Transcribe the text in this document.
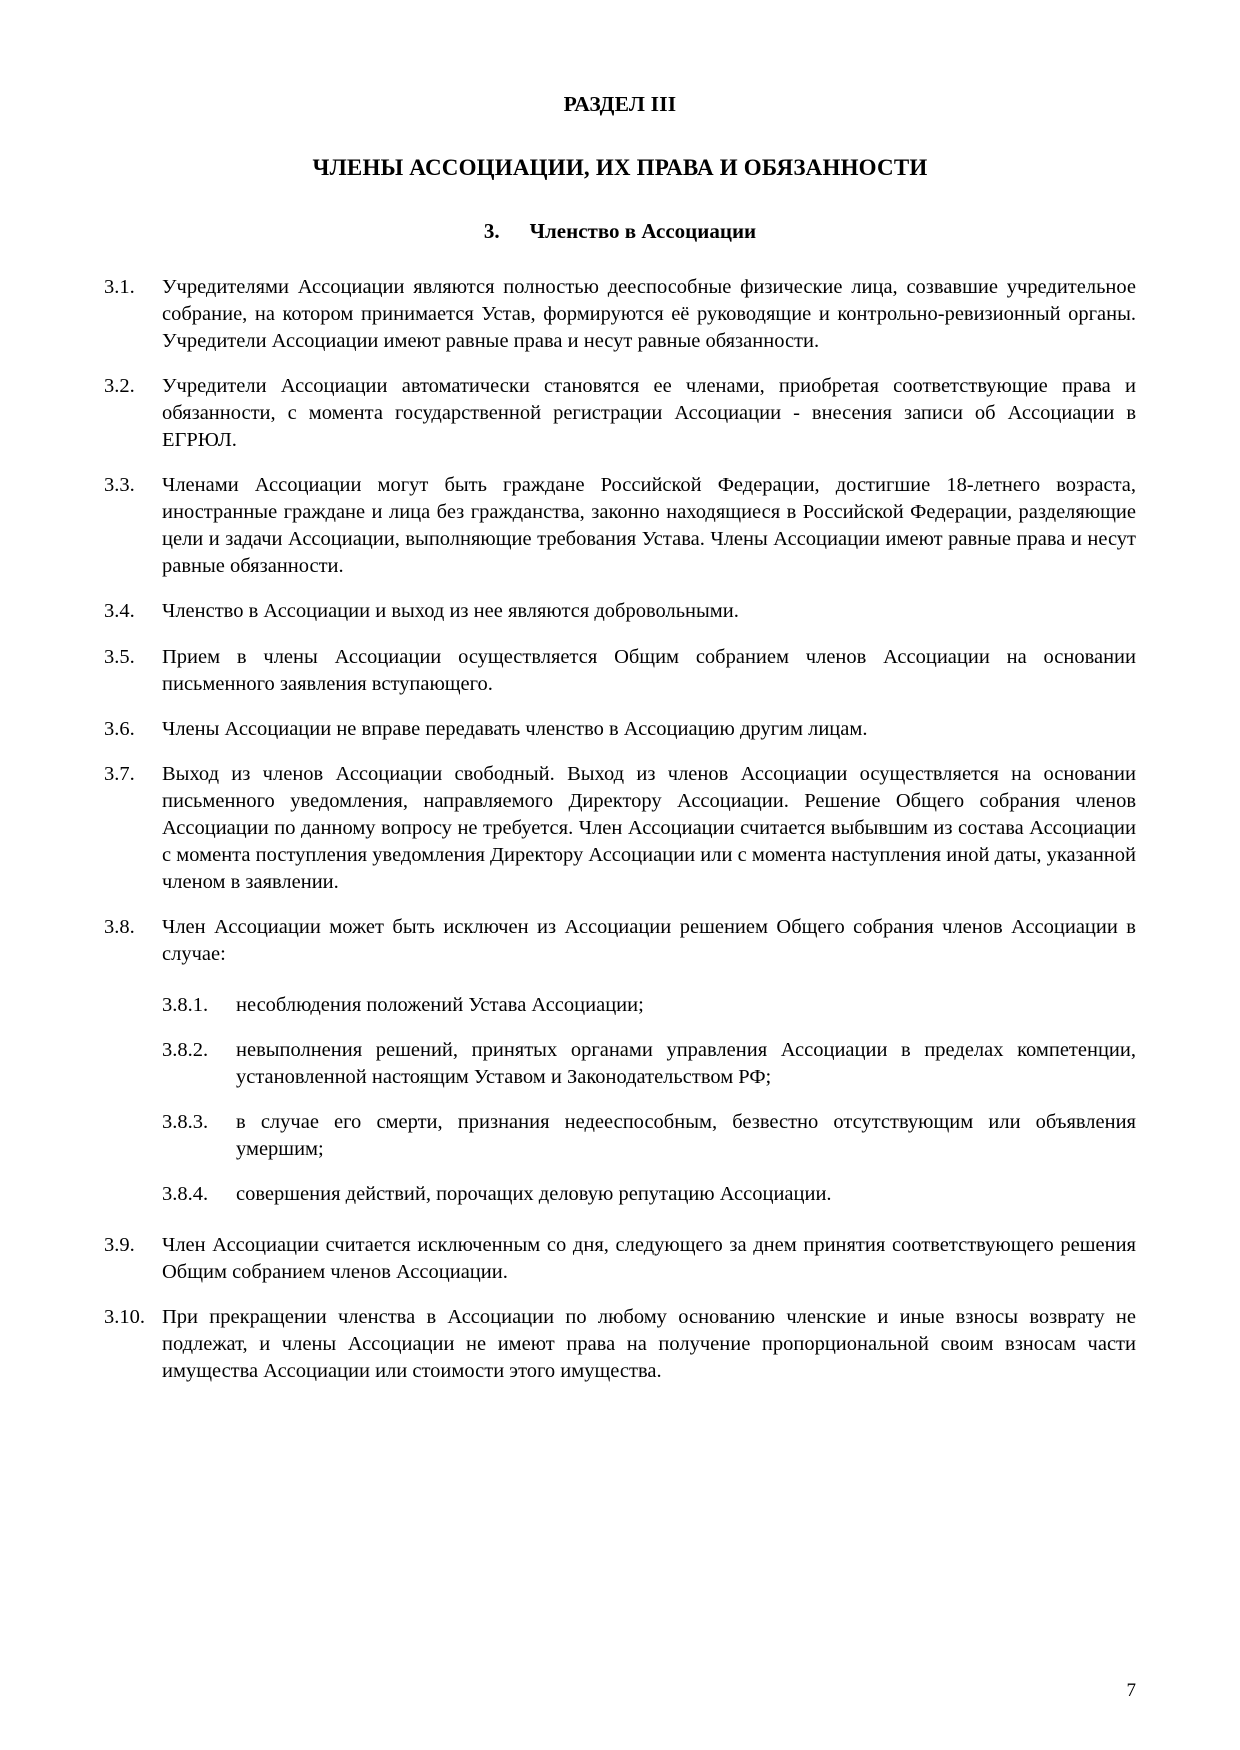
РАЗДЕЛ III
ЧЛЕНЫ АССОЦИАЦИИ, ИХ ПРАВА И ОБЯЗАННОСТИ
3. Членство в Ассоциации
3.1.	Учредителями Ассоциации являются полностью дееспособные физические лица, созвавшие учредительное собрание, на котором принимается Устав, формируются её руководящие и контрольно-ревизионный органы. Учредители Ассоциации имеют равные права и несут равные обязанности.
3.2.	Учредители Ассоциации автоматически становятся ее членами, приобретая соответствующие права и обязанности, с момента государственной регистрации Ассоциации - внесения записи об Ассоциации в ЕГРЮЛ.
3.3.	Членами Ассоциации могут быть граждане Российской Федерации, достигшие 18-летнего возраста, иностранные граждане и лица без гражданства, законно находящиеся в Российской Федерации, разделяющие цели и задачи Ассоциации, выполняющие требования Устава. Члены Ассоциации имеют равные права и несут равные обязанности.
3.4.	Членство в Ассоциации и выход из нее являются добровольными.
3.5.	Прием в члены Ассоциации осуществляется Общим собранием членов Ассоциации на основании письменного заявления вступающего.
3.6.	Члены Ассоциации не вправе передавать членство в Ассоциацию другим лицам.
3.7.	Выход из членов Ассоциации свободный. Выход из членов Ассоциации осуществляется на основании письменного уведомления, направляемого Директору Ассоциации. Решение Общего собрания членов Ассоциации по данному вопросу не требуется. Член Ассоциации считается выбывшим из состава Ассоциации с момента поступления уведомления Директору Ассоциации или с момента наступления иной даты, указанной членом в заявлении.
3.8.	Член Ассоциации может быть исключен из Ассоциации решением Общего собрания членов Ассоциации в случае:
3.8.1.	несоблюдения положений Устава Ассоциации;
3.8.2.	невыполнения решений, принятых органами управления Ассоциации в пределах компетенции, установленной настоящим Уставом и Законодательством РФ;
3.8.3.	в случае его смерти, признания недееспособным, безвестно отсутствующим или объявления умершим;
3.8.4.	совершения действий, порочащих деловую репутацию Ассоциации.
3.9.	Член Ассоциации считается исключенным со дня, следующего за днем принятия соответствующего решения Общим собранием членов Ассоциации.
3.10. При прекращении членства в Ассоциации по любому основанию членские и иные взносы возврату не подлежат, и члены Ассоциации не имеют права на получение пропорциональной своим взносам части имущества Ассоциации или стоимости этого имущества.
7
